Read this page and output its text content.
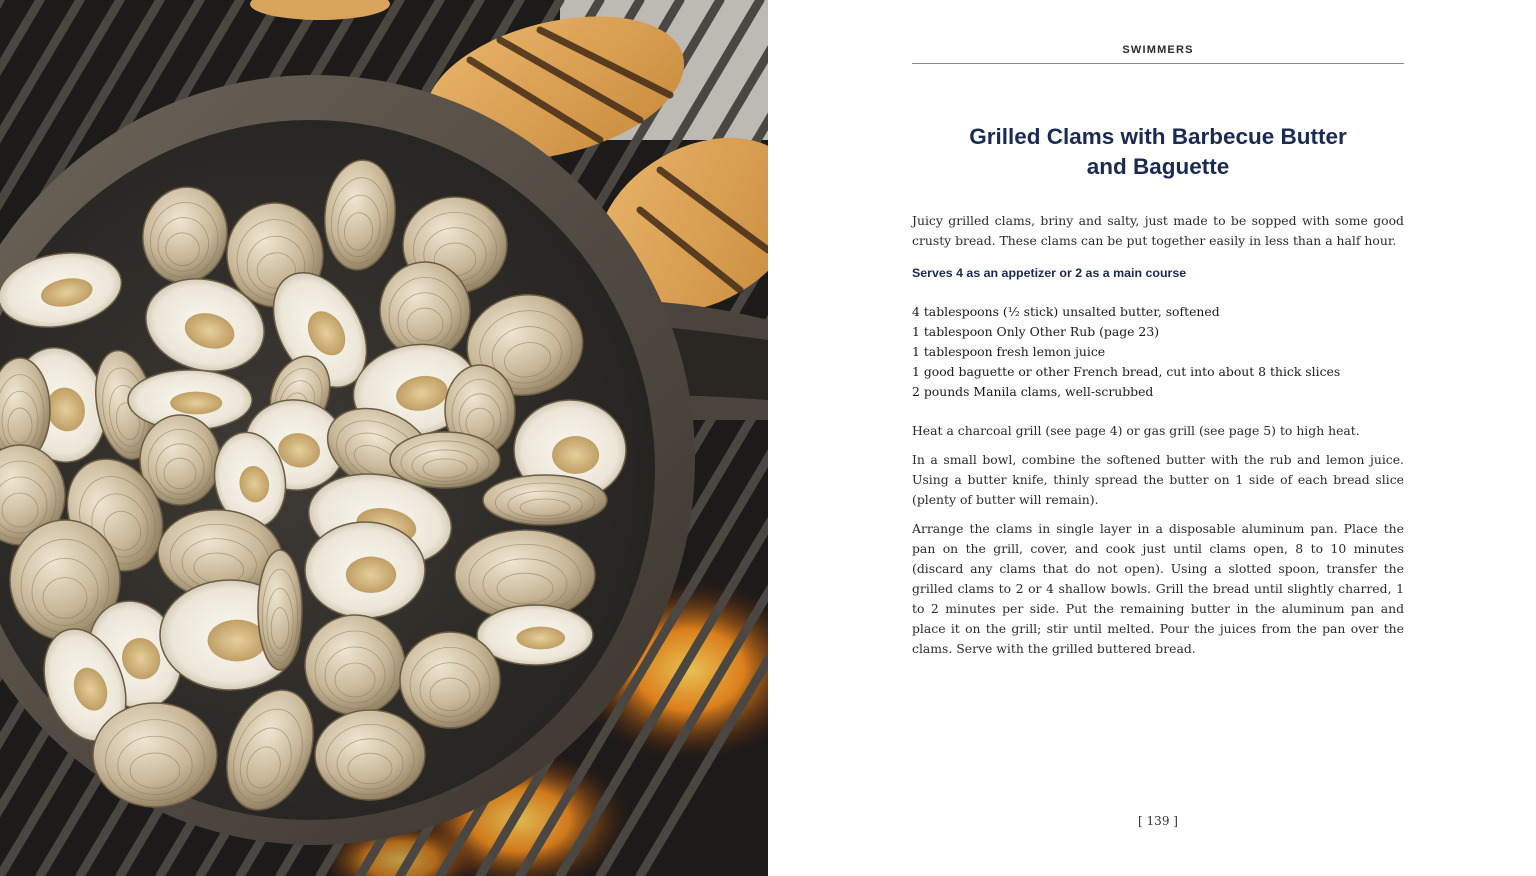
SWIMMERS
Grilled Clams with Barbecue Butter
and Baguette

Juicy grilled clams, briny and salty, just made to be sopped with some good crusty bread. These clams can be put together easily in less than a half hour.

Serves 4 as an appetizer or 2 as a main course
4 tablespoons (½ stick) unsalted butter, softened
1 tablespoon Only Other Rub (page 23)
1 tablespoon fresh lemon juice
1 good baguette or other French bread, cut into about 8 thick slices
2 pounds Manila clams, well-scrubbed

Heat a charcoal grill (see page 4) or gas grill (see page 5) to high heat.

In a small bowl, combine the softened butter with the rub and lemon juice. Using a butter knife, thinly spread the butter on 1 side of each bread slice (plenty of butter will remain).

Arrange the clams in single layer in a disposable aluminum pan. Place the pan on the grill, cover, and cook just until clams open, 8 to 10 minutes (discard any clams that do not open). Using a slotted spoon, transfer the grilled clams to 2 or 4 shallow bowls. Grill the bread until slightly charred, 1 to 2 minutes per side. Put the remaining butter in the aluminum pan and place it on the grill; stir until melted. Pour the juices from the pan over the clams. Serve with the grilled buttered bread.

[ 139 ]
